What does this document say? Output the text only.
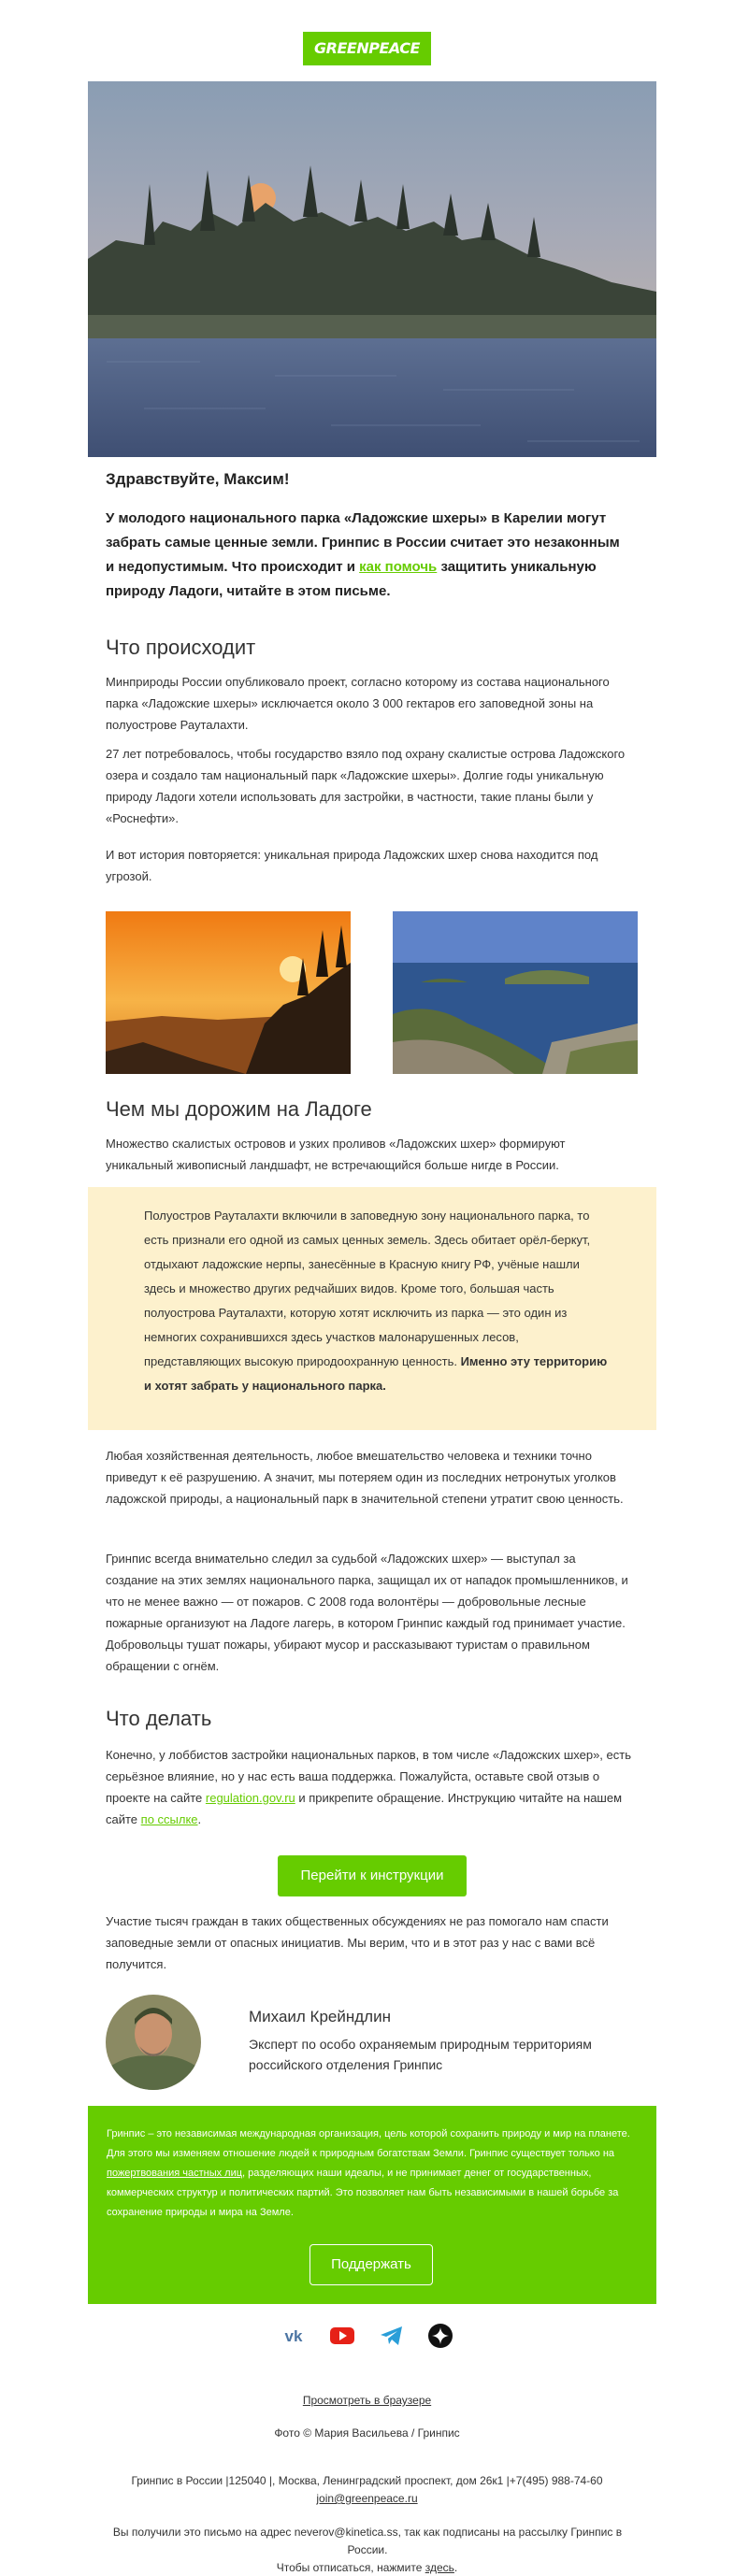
GREENPEACE
Здравствуйте, Максим!
У молодого национального парка «Ладожские шхеры» в Карелии могут забрать самые ценные земли. Гринпис в России считает это незаконным и недопустимым. Что происходит и как помочь защитить уникальную природу Ладоги, читайте в этом письме.
Что происходит
Минприроды России опубликовало проект, согласно которому из состава национального парка «Ладожские шхеры» исключается около 3 000 гектаров его заповедной зоны на полуострове Рауталахти.
27 лет потребовалось, чтобы государство взяло под охрану скалистые острова Ладожского озера и создало там национальный парк «Ладожские шхеры». Долгие годы уникальную природу Ладоги хотели использовать для застройки, в частности, такие планы были у «Роснефти».
И вот история повторяется: уникальная природа Ладожских шхер снова находится под угрозой.
Чем мы дорожим на Ладоге
Множество скалистых островов и узких проливов «Ладожских шхер» формируют уникальный живописный ландшафт, не встречающийся больше нигде в России.
Полуостров Рауталахти включили в заповедную зону национального парка, то есть признали его одной из самых ценных земель. Здесь обитает орёл-беркут, отдыхают ладожские нерпы, занесённые в Красную книгу РФ, учёные нашли здесь и множество других редчайших видов. Кроме того, большая часть полуострова Рауталахти, которую хотят исключить из парка — это один из немногих сохранившихся здесь участков малонарушенных лесов, представляющих высокую природоохранную ценность. Именно эту территорию и хотят забрать у национального парка.
Любая хозяйственная деятельность, любое вмешательство человека и техники точно приведут к её разрушению. А значит, мы потеряем один из последних нетронутых уголков ладожской природы, а национальный парк в значительной степени утратит свою ценность.
Гринпис всегда внимательно следил за судьбой «Ладожских шхер» — выступал за создание на этих землях национального парка, защищал их от нападок промышленников, и что не менее важно — от пожаров. С 2008 года волонтёры — добровольные лесные пожарные организуют на Ладоге лагерь, в котором Гринпис каждый год принимает участие. Добровольцы тушат пожары, убирают мусор и рассказывают туристам о правильном обращении с огнём.
Что делать
Конечно, у лоббистов застройки национальных парков, в том числе «Ладожских шхер», есть серьёзное влияние, но у нас есть ваша поддержка. Пожалуйста, оставьте свой отзыв о проекте на сайте regulation.gov.ru и прикрепите обращение. Инструкцию читайте на нашем сайте по ссылке.
Перейти к инструкции
Участие тысяч граждан в таких общественных обсуждениях не раз помогало нам спасти заповедные земли от опасных инициатив. Мы верим, что и в этот раз у нас с вами всё получится.
Михаил Крейндлин
Эксперт по особо охраняемым природным территориям российского отделения Гринпис
Гринпис – это независимая международная организация, цель которой сохранить природу и мир на планете. Для этого мы изменяем отношение людей к природным богатствам Земли. Гринпис существует только на пожертвования частных лиц, разделяющих наши идеалы, и не принимает денег от государственных, коммерческих структур и политических партий. Это позволяет нам быть независимыми в нашей борьбе за сохранение природы и мира на Земле.
Поддержать
vk

Просмотреть в браузере
Фото © Мария Васильева / Гринпис
Гринпис в России |125040 |, Москва, Ленинградский проспект, дом 26к1 |+7(495) 988-74-60
join@greenpeace.ru
Вы получили это письмо на адрес neverov@kinetica.ss, так как подписаны на рассылку Гринпис в России.
Чтобы отписаться, нажмите здесь.
